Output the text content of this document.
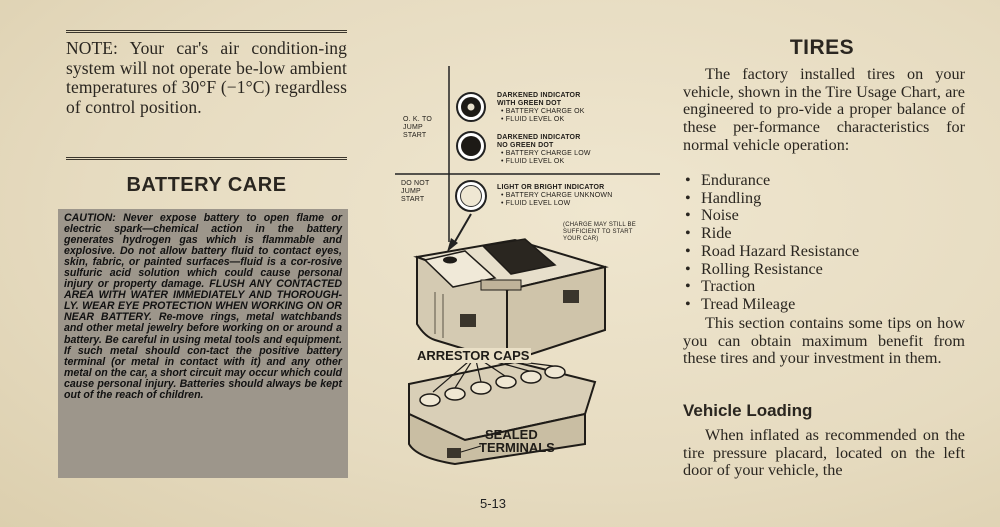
NOTE: Your car's air condition-ing system will not operate be-low ambient temperatures of 30°F (−1°C) regardless of control position.

BATTERY CARE

CAUTION: Never expose battery to open flame or electric spark—chemical action in the battery generates hydrogen gas which is flammable and explosive. Do not allow battery fluid to contact eyes, skin, fabric, or painted surfaces—fluid is a cor-rosive sulfuric acid solution which could cause personal injury or property damage. FLUSH ANY CONTACTED AREA WITH WATER IMMEDIATELY AND THOROUGH-LY. WEAR EYE PROTECTION WHEN WORKING ON OR NEAR BATTERY. Re-move rings, metal watchbands and other metal jewelry before working on or around a battery. Be careful in using metal tools and equipment. If such metal should con-tact the positive battery terminal (or metal in contact with it) and any other metal on the car, a short circuit may occur which could cause personal injury. Batteries should always be kept out of the reach of children.

O. K. TO
JUMP
START
DO NOT
JUMP
START
DARKENED INDICATOR
WITH GREEN DOT
• BATTERY CHARGE OK
• FLUID LEVEL OK
DARKENED INDICATOR
NO GREEN DOT
• BATTERY CHARGE LOW
• FLUID LEVEL OK
LIGHT OR BRIGHT INDICATOR
• BATTERY CHARGE UNKNOWN
• FLUID LEVEL LOW
(CHARGE MAY STILL BE
SUFFICIENT TO START
YOUR CAR)
ARRESTOR CAPS
SEALED
TERMINALS
5-13
TIRES

The factory installed tires on your vehicle, shown in the Tire Usage Chart, are engineered to pro-vide a proper balance of these per-formance characteristics for normal vehicle operation:

• Endurance
• Handling
• Noise
• Ride
• Road Hazard Resistance
• Rolling Resistance
• Traction
• Tread Mileage

This section contains some tips on how you can obtain maximum benefit from these tires and your investment in them.

Vehicle Loading

When inflated as recommended on the tire pressure placard, located on the left door of your vehicle, the
